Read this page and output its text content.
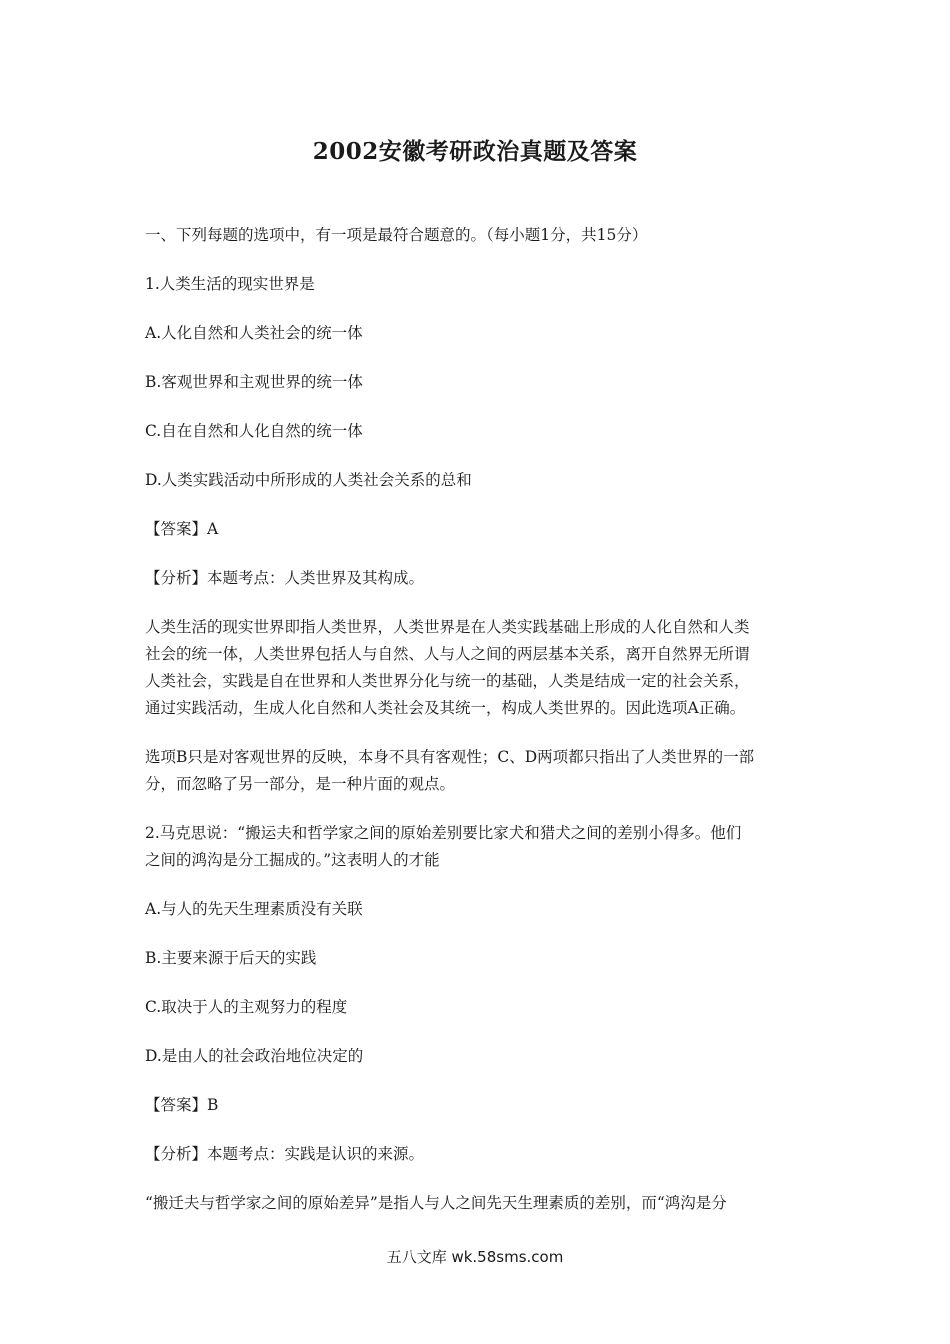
2002安徽考研政治真题及答案

一、下列每题的选项中，有一项是最符合题意的。（每小题1分，共15分）

1.人类生活的现实世界是

A.人化自然和人类社会的统一体

B.客观世界和主观世界的统一体

C.自在自然和人化自然的统一体

D.人类实践活动中所形成的人类社会关系的总和

【答案】A

【分析】本题考点：人类世界及其构成。

人类生活的现实世界即指人类世界，人类世界是在人类实践基础上形成的人化自然和人类

社会的统一体，人类世界包括人与自然、人与人之间的两层基本关系，离开自然界无所谓

人类社会，实践是自在世界和人类世界分化与统一的基础，人类是结成一定的社会关系，

通过实践活动，生成人化自然和人类社会及其统一，构成人类世界的。因此选项A正确。

选项B只是对客观世界的反映，本身不具有客观性；C、D两项都只指出了人类世界的一部

分，而忽略了另一部分，是一种片面的观点。

2.马克思说：“搬运夫和哲学家之间的原始差别要比家犬和猎犬之间的差别小得多。他们

之间的鸿沟是分工掘成的。”这表明人的才能

A.与人的先天生理素质没有关联

B.主要来源于后天的实践

C.取决于人的主观努力的程度

D.是由人的社会政治地位决定的

【答案】B

【分析】本题考点：实践是认识的来源。

“搬迁夫与哲学家之间的原始差异”是指人与人之间先天生理素质的差别，而“鸿沟是分

五八文库 wk.58sms.com
